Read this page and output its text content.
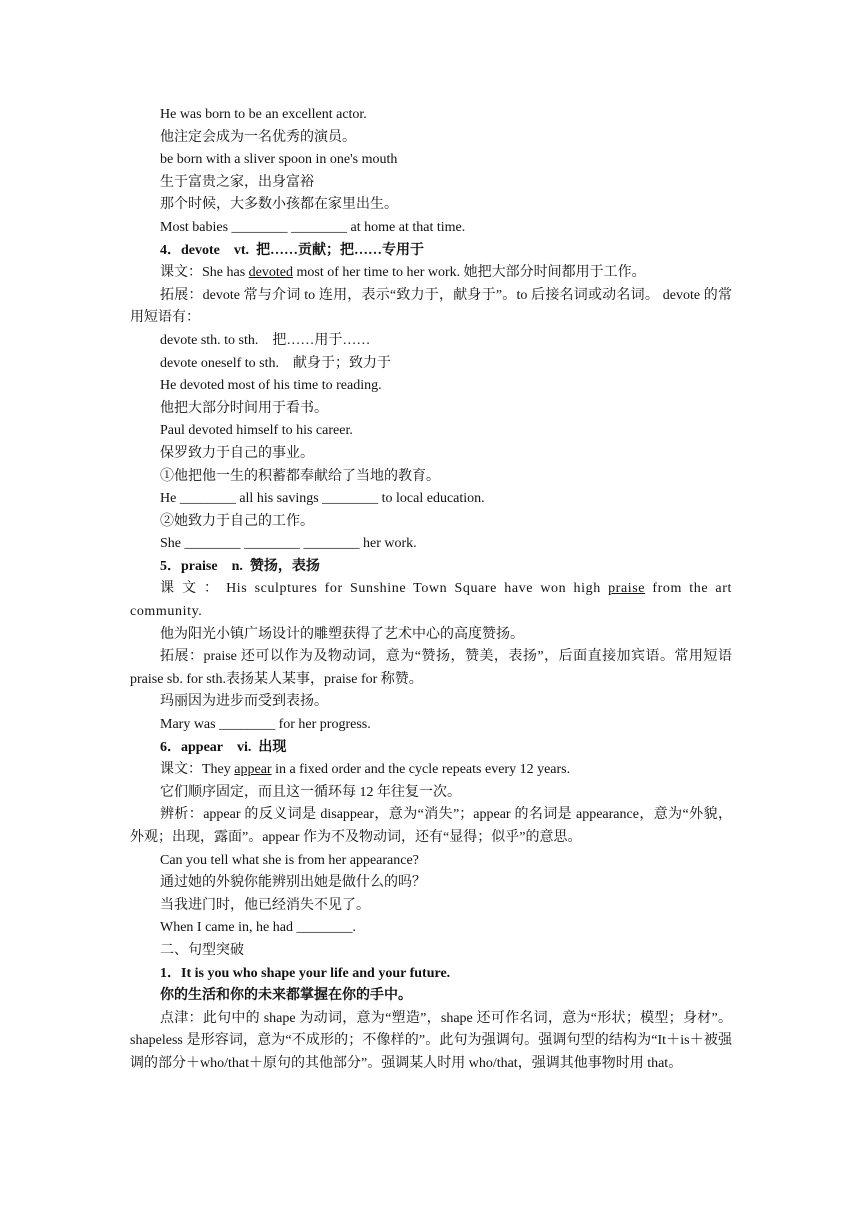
He was born to be an excellent actor.

他注定会成为一名优秀的演员。

be born with a sliver spoon in one's mouth

生于富贵之家，出身富裕

那个时候，大多数小孩都在家里出生。

Most babies ________ ________ at home at that time.

4．devote vt. 把……贡献；把……专用于

课文：She has devoted most of her time to her work. 她把大部分时间都用于工作。

拓展：devote 常与介词 to 连用，表示“致力于，献身于”。to 后接名词或动名词。 devote 的常用短语有：

devote sth. to sth.    把……用于……

devote oneself to sth.    献身于；致力于

He devoted most of his time to reading.

他把大部分时间用于看书。

Paul devoted himself to his career.

保罗致力于自己的事业。

①他把他一生的积蓄都奉献给了当地的教育。

He ________ all his savings ________ to local education.

②她致力于自己的工作。

She ________ ________ ________ her work.

5．praise n. 赞扬，表扬

课 文 ： His sculptures for Sunshine Town Square have won high praise from the art community.

他为阳光小镇广场设计的雕塑获得了艺术中心的高度赞扬。

拓展：praise 还可以作为及物动词，意为“赞扬，赞美，表扬”，后面直接加宾语。常用短语 praise sb. for sth.表扬某人某事，praise for 称赞。

玛丽因为进步而受到表扬。

Mary was ________ for her progress.

6．appear vi. 出现

课文：They appear in a fixed order and the cycle repeats every 12 years.

它们顺序固定，而且这一循环每 12 年往复一次。

辨析：appear 的反义词是 disappear，意为“消失”；appear 的名词是 appearance，意为“外貌，外观；出现，露面”。appear 作为不及物动词，还有“显得；似乎”的意思。

Can you tell what she is from her appearance?

通过她的外貌你能辨别出她是做什么的吗？

当我进门时，他已经消失不见了。

When I came in, he had ________.

二、句型突破

1．It is you who shape your life and your future.

你的生活和你的未来都掌握在你的手中。

点津：此句中的 shape 为动词，意为“塑造”，shape 还可作名词，意为“形状；模型；身材”。shapeless 是形容词，意为“不成形的；不像样的”。此句为强调句。强调句型的结构为“It＋is＋被强调的部分＋who/that＋原句的其他部分”。强调某人时用 who/that，强调其他事物时用 that。
